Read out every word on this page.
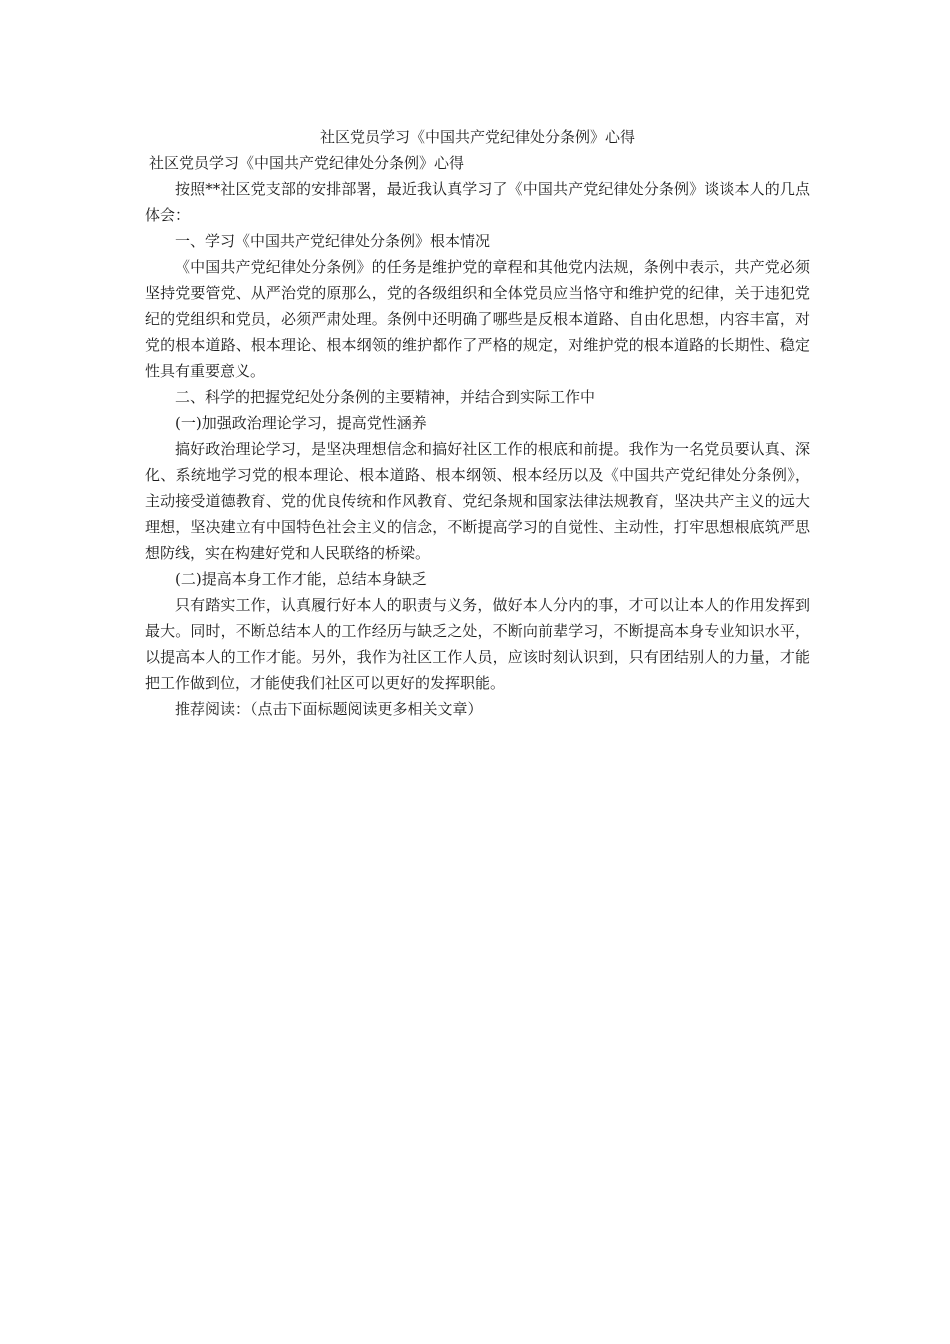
社区党员学习《中国共产党纪律处分条例》心得

社区党员学习《中国共产党纪律处分条例》心得

按照**社区党支部的安排部署，最近我认真学习了《中国共产党纪律处分条例》谈谈本人的几点体会：

一、学习《中国共产党纪律处分条例》根本情况

《中国共产党纪律处分条例》的任务是维护党的章程和其他党内法规，条例中表示，共产党必须坚持党要管党、从严治党的原那么，党的各级组织和全体党员应当恪守和维护党的纪律，关于违犯党纪的党组织和党员，必须严肃处理。条例中还明确了哪些是反根本道路、自由化思想，内容丰富，对党的根本道路、根本理论、根本纲领的维护都作了严格的规定，对维护党的根本道路的长期性、稳定性具有重要意义。

二、科学的把握党纪处分条例的主要精神，并结合到实际工作中

(一)加强政治理论学习，提高党性涵养

搞好政治理论学习，是坚决理想信念和搞好社区工作的根底和前提。我作为一名党员要认真、深化、系统地学习党的根本理论、根本道路、根本纲领、根本经历以及《中国共产党纪律处分条例》，主动接受道德教育、党的优良传统和作风教育、党纪条规和国家法律法规教育，坚决共产主义的远大理想，坚决建立有中国特色社会主义的信念，不断提高学习的自觉性、主动性，打牢思想根底筑严思想防线，实在构建好党和人民联络的桥梁。

(二)提高本身工作才能，总结本身缺乏

只有踏实工作，认真履行好本人的职责与义务，做好本人分内的事，才可以让本人的作用发挥到最大。同时，不断总结本人的工作经历与缺乏之处，不断向前辈学习，不断提高本身专业知识水平，以提高本人的工作才能。另外，我作为社区工作人员，应该时刻认识到，只有团结别人的力量，才能把工作做到位，才能使我们社区可以更好的发挥职能。

推荐阅读：（点击下面标题阅读更多相关文章）
